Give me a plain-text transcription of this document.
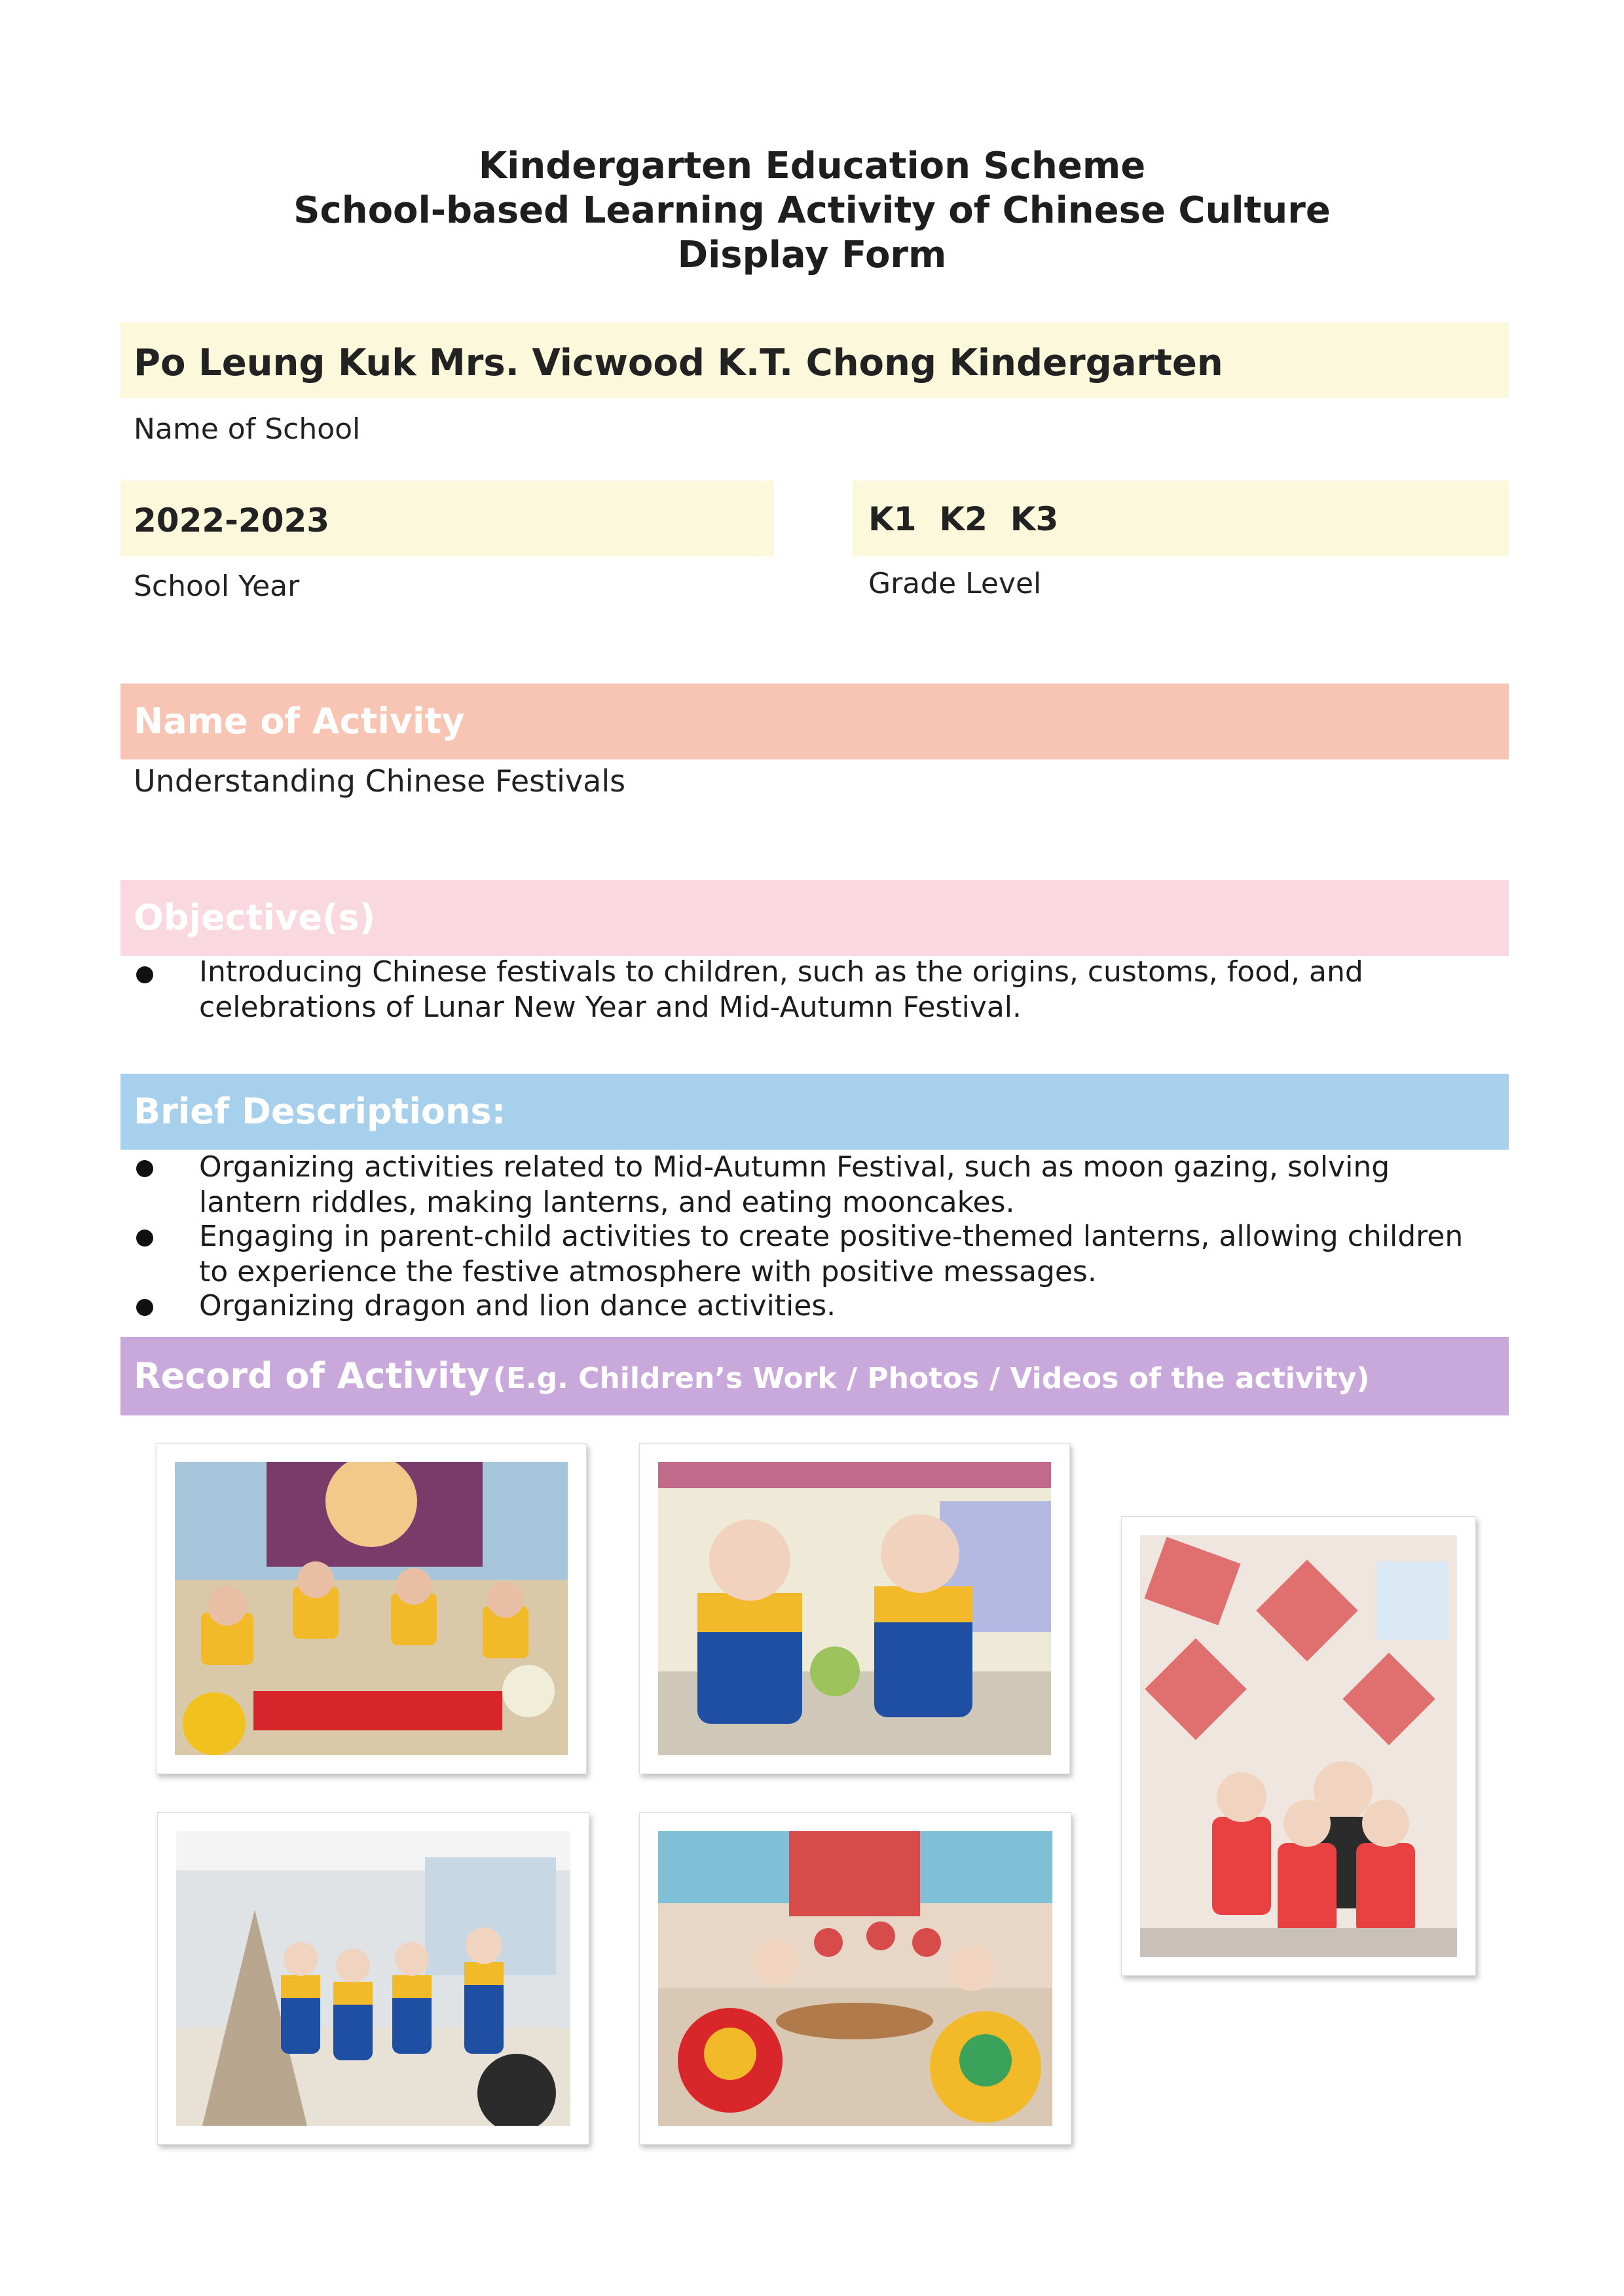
Kindergarten Education Scheme
School-based Learning Activity of Chinese Culture
Display Form
Po Leung Kuk Mrs. Vicwood K.T. Chong Kindergarten
Name of School
2022-2023
School Year
K1  K2  K3
Grade Level
Name of Activity
Understanding Chinese Festivals
Objective(s)
Introducing Chinese festivals to children, such as the origins, customs, food, and
celebrations of Lunar New Year and Mid-Autumn Festival.
Brief Descriptions:
Organizing activities related to Mid-Autumn Festival, such as moon gazing, solving
lantern riddles, making lanterns, and eating mooncakes.
Engaging in parent-child activities to create positive-themed lanterns, allowing children
to experience the festive atmosphere with positive messages.
Organizing dragon and lion dance activities.
Record of Activity (E.g. Children’s Work / Photos / Videos of the activity)
